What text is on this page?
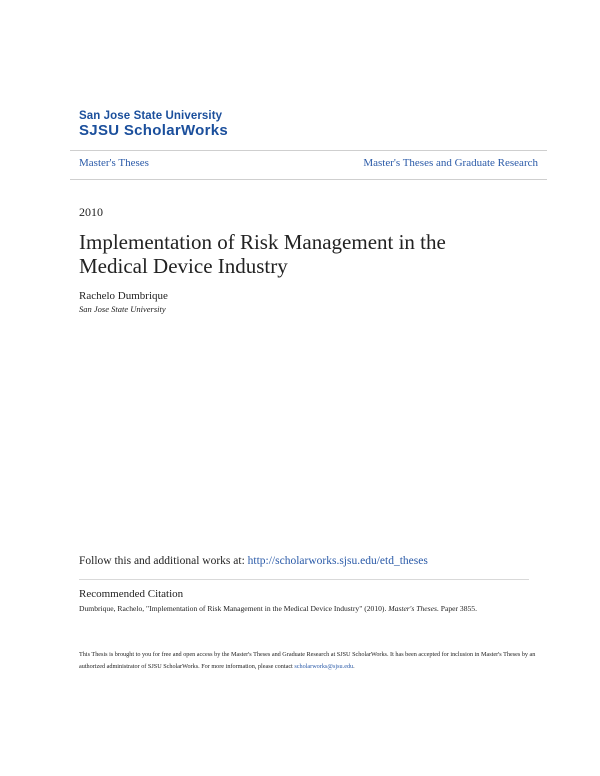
San Jose State University
SJSU ScholarWorks
Master's Theses	Master's Theses and Graduate Research
2010
Implementation of Risk Management in the Medical Device Industry
Rachelo Dumbrique
San Jose State University
Follow this and additional works at: http://scholarworks.sjsu.edu/etd_theses
Recommended Citation
Dumbrique, Rachelo, "Implementation of Risk Management in the Medical Device Industry" (2010). Master's Theses. Paper 3855.
This Thesis is brought to you for free and open access by the Master's Theses and Graduate Research at SJSU ScholarWorks. It has been accepted for inclusion in Master's Theses by an authorized administrator of SJSU ScholarWorks. For more information, please contact scholarworks@sjsu.edu.
